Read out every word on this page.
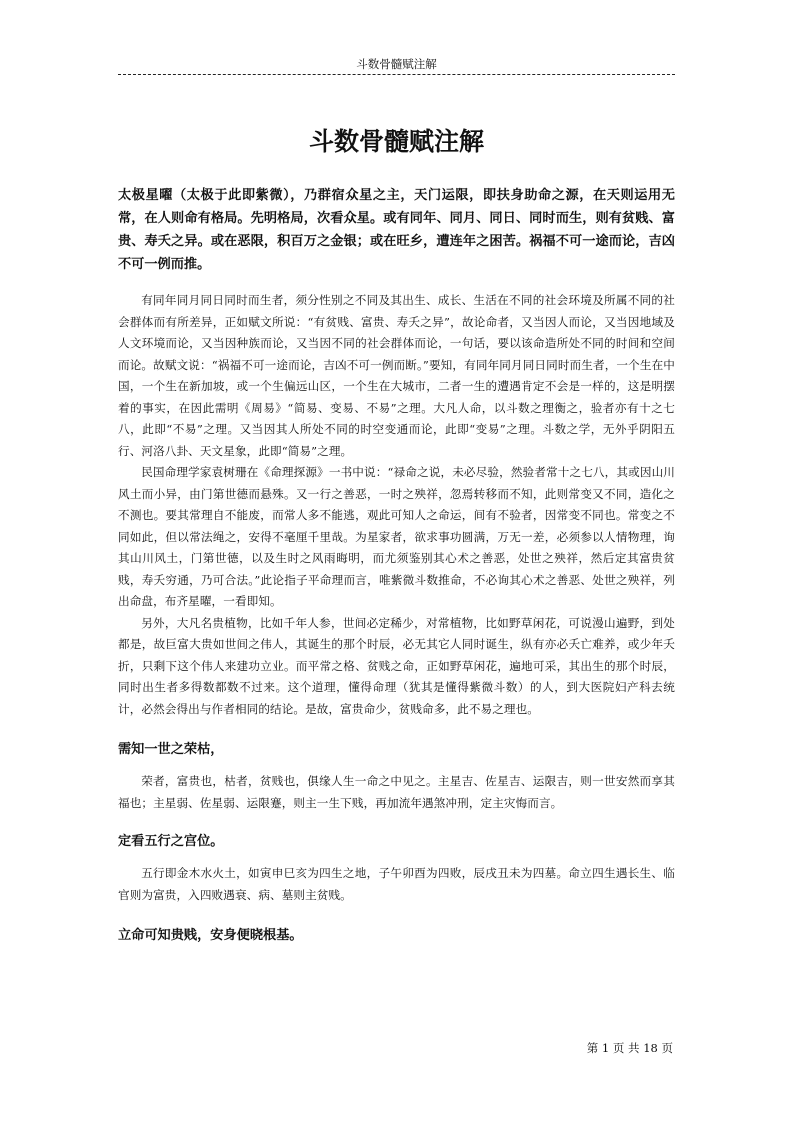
斗数骨髓赋注解
斗数骨髓赋注解

太极星曜（太极于此即紫微），乃群宿众星之主，天门运限，即扶身助命之源，在天则运用无常，在人则命有格局。先明格局，次看众星。或有同年、同月、同日、同时而生，则有贫贱、富贵、寿夭之异。或在恶限，积百万之金银；或在旺乡，遭连年之困苦。祸福不可一途而论，吉凶不可一例而推。

有同年同月同日同时而生者，须分性别之不同及其出生、成长、生活在不同的社会环境及所属不同的社会群体而有所差异，正如赋文所说：“有贫贱、富贵、寿夭之异”，故论命者，又当因人而论，又当因地域及人文环境而论，又当因种族而论，又当因不同的社会群体而论，一句话，要以该命造所处不同的时间和空间而论。故赋文说：“祸福不可一途而论，吉凶不可一例而断。”要知，有同年同月同日同时而生者，一个生在中国，一个生在新加坡，或一个生偏远山区，一个生在大城市，二者一生的遭遇肯定不会是一样的，这是明摆着的事实，在因此需明《周易》“简易、变易、不易”之理。大凡人命，以斗数之理衡之，验者亦有十之七八，此即“不易”之理。又当因其人所处不同的时空变通而论，此即“变易”之理。斗数之学，无外乎阴阳五行、河洛八卦、天文星象，此即“简易”之理。

民国命理学家袁树珊在《命理探源》一书中说：“禄命之说，未必尽验，然验者常十之七八，其或因山川风土而小异，由门第世德而悬殊。又一行之善恶，一时之殃祥，忽焉转移而不知，此则常变又不同，造化之不测也。要其常理自不能废，而常人多不能逃，观此可知人之命运，间有不验者，因常变不同也。常变之不同如此，但以常法绳之，安得不毫厘千里哉。为星家者，欲求事功圆满，万无一差，必须参以人情物理，询其山川风土，门第世德，以及生时之风雨晦明，而尤须鉴别其心术之善恶，处世之殃祥，然后定其富贵贫贱，寿夭穷通，乃可合法。”此论指子平命理而言，唯紫微斗数推命，不必询其心术之善恶、处世之殃祥，列出命盘，布齐星曜，一看即知。

另外，大凡名贵植物，比如千年人参，世间必定稀少，对常植物，比如野草闲花，可说漫山遍野，到处都是，故巨富大贵如世间之伟人，其诞生的那个时辰，必无其它人同时诞生，纵有亦必夭亡难养，或少年夭折，只剩下这个伟人来建功立业。而平常之格、贫贱之命，正如野草闲花，遍地可采，其出生的那个时辰，同时出生者多得数都数不过来。这个道理，懂得命理（犹其是懂得紫微斗数）的人，到大医院妇产科去统计，必然会得出与作者相同的结论。是故，富贵命少，贫贱命多，此不易之理也。

需知一世之荣枯，

荣者，富贵也，枯者，贫贱也，俱缘人生一命之中见之。主星吉、佐星吉、运限吉，则一世安然而享其福也；主星弱、佐星弱、运限蹇，则主一生下贱，再加流年遇煞冲刑，定主灾悔而言。

定看五行之宫位。

五行即金木水火土，如寅申巳亥为四生之地，子午卯酉为四败，辰戌丑未为四墓。命立四生遇长生、临官则为富贵，入四败遇衰、病、墓则主贫贱。

立命可知贵贱，安身便晓根基。
第 1 页 共 18 页
